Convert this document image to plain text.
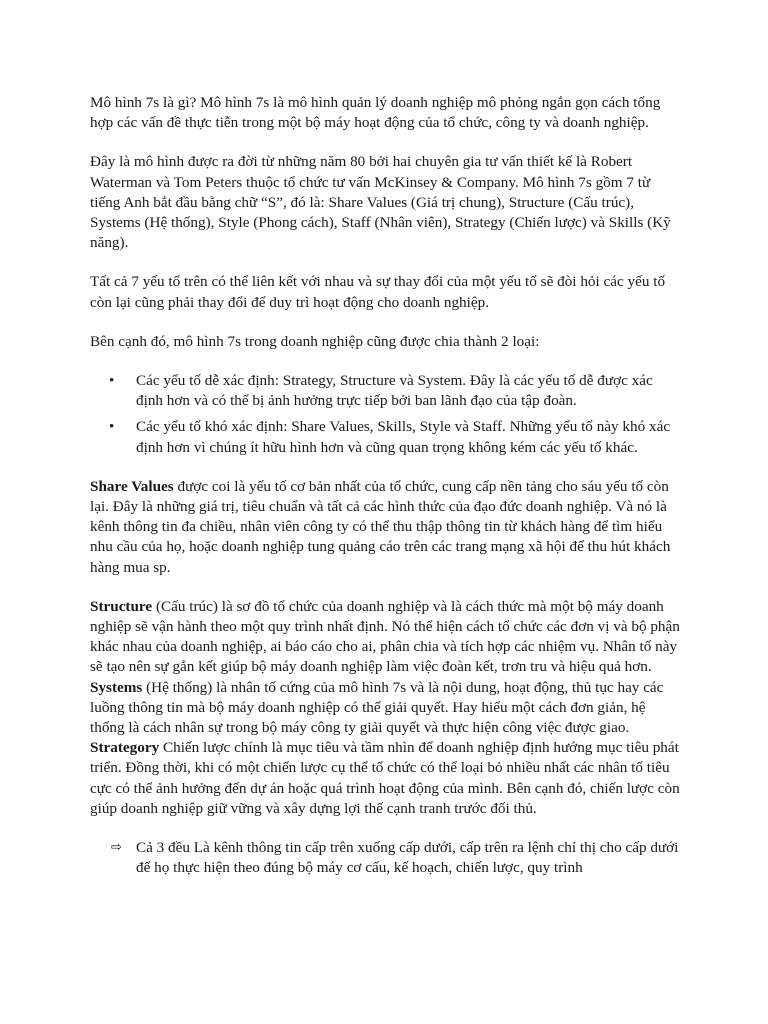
Mô hình 7s là gì? Mô hình 7s là mô hình quản lý doanh nghiệp mô phỏng ngắn gọn cách tổng hợp các vấn đề thực tiễn trong một bộ máy hoạt động của tổ chức, công ty và doanh nghiệp.

Đây là mô hình được ra đời từ những năm 80 bởi hai chuyên gia tư vấn thiết kế là Robert Waterman và Tom Peters thuộc tổ chức tư vấn McKinsey & Company. Mô hình 7s gồm 7 từ tiếng Anh bắt đầu bằng chữ “S”, đó là: Share Values (Giá trị chung), Structure (Cấu trúc), Systems (Hệ thống), Style (Phong cách), Staff (Nhân viên), Strategy (Chiến lược) và Skills (Kỹ năng).

Tất cả 7 yếu tố trên có thể liên kết với nhau và sự thay đổi của một yếu tố sẽ đòi hỏi các yếu tố còn lại cũng phải thay đổi để duy trì hoạt động cho doanh nghiệp.

Bên cạnh đó, mô hình 7s trong doanh nghiệp cũng được chia thành 2 loại:

• Các yếu tố dễ xác định: Strategy, Structure và System. Đây là các yếu tố dễ được xác định hơn và có thể bị ảnh hưởng trực tiếp bởi ban lãnh đạo của tập đoàn.
• Các yếu tố khó xác định: Share Values, Skills, Style và Staff. Những yếu tố này khó xác định hơn vì chúng ít hữu hình hơn và cũng quan trọng không kém các yếu tố khác.

Share Values được coi là yếu tố cơ bản nhất của tổ chức, cung cấp nền tảng cho sáu yếu tố còn lại. Đây là những giá trị, tiêu chuẩn và tất cả các hình thức của đạo đức doanh nghiệp. Và nó là kênh thông tin đa chiều, nhân viên công ty có thể thu thập thông tin từ khách hàng để tìm hiểu nhu cầu của họ, hoặc doanh nghiệp tung quảng cáo trên các trang mạng xã hội để thu hút khách hàng mua sp.

Structure (Cấu trúc) là sơ đồ tổ chức của doanh nghiệp và là cách thức mà một bộ máy doanh nghiệp sẽ vận hành theo một quy trình nhất định. Nó thể hiện cách tổ chức các đơn vị và bộ phận khác nhau của doanh nghiệp, ai báo cáo cho ai, phân chia và tích hợp các nhiệm vụ. Nhân tố này sẽ tạo nên sự gắn kết giúp bộ máy doanh nghiệp làm việc đoàn kết, trơn tru và hiệu quả hơn. Systems (Hệ thống) là nhân tố cứng của mô hình 7s và là nội dung, hoạt động, thủ tục hay các luồng thông tin mà bộ máy doanh nghiệp có thể giải quyết. Hay hiểu một cách đơn giản, hệ thống là cách nhân sự trong bộ máy công ty giải quyết và thực hiện công việc được giao. Strategory Chiến lược chính là mục tiêu và tầm nhìn để doanh nghiệp định hướng mục tiêu phát triển. Đồng thời, khi có một chiến lược cụ thể tổ chức có thể loại bỏ nhiều nhất các nhân tố tiêu cực có thể ảnh hưởng đến dự án hoặc quá trình hoạt động của mình. Bên cạnh đó, chiến lược còn giúp doanh nghiệp giữ vững và xây dựng lợi thế cạnh tranh trước đối thủ.

⇨ Cả 3 đều Là kênh thông tin cấp trên xuống cấp dưới, cấp trên ra lệnh chỉ thị cho cấp dưới để họ thực hiện theo đúng bộ máy cơ cấu, kế hoạch, chiến lược, quy trình
